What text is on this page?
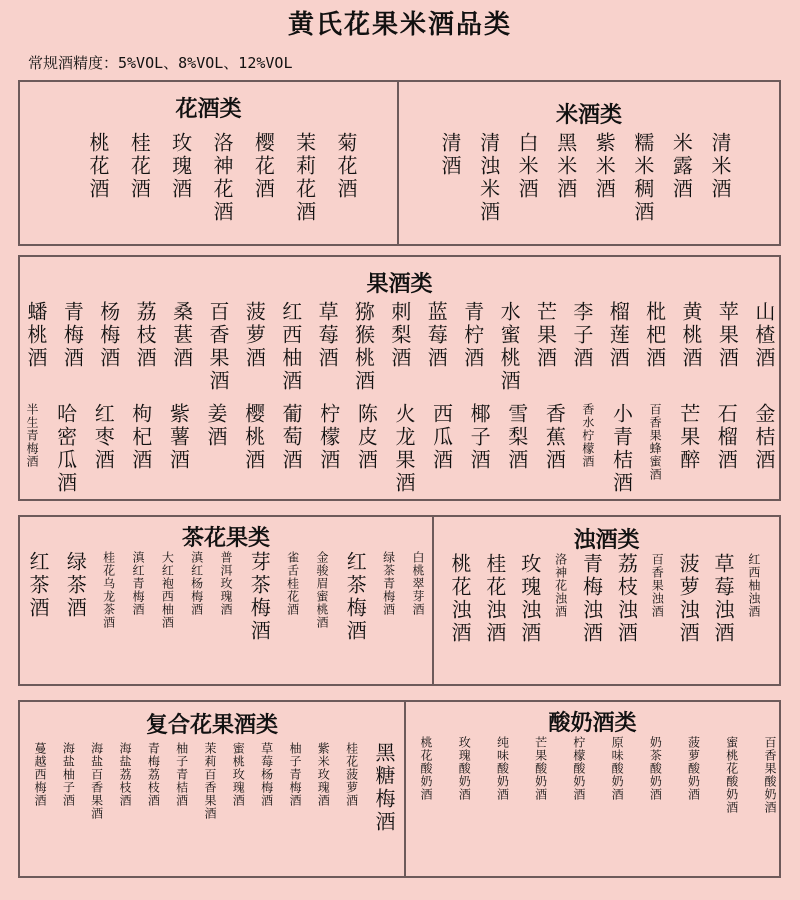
黄氏花果米酒品类
常规酒精度：5%VOL、8%VOL、12%VOL
花酒类
桃花酒 桂花酒 玫瑰酒 洛神花酒 樱花酒 茉莉花酒 菊花酒
米酒类
清酒 清浊米酒 白米酒 黑米酒 紫米酒 糯米稠酒 米露酒 清米酒
果酒类
蟠桃酒 青梅酒 杨梅酒 荔枝酒 桑葚酒 百香果酒 菠萝酒 红西柚酒 草莓酒 猕猴桃酒 刺梨酒 蓝莓酒 青柠酒 水蜜桃酒 芒果酒 李子酒 榴莲酒 枇杷酒 黄桃酒 苹果酒 山楂酒
半生青梅酒 哈密瓜酒 红枣酒 枸杞酒 紫薯酒 姜酒 樱桃酒 葡萄酒 柠檬酒 陈皮酒 火龙果酒 西瓜酒 椰子酒 雪梨酒 香蕉酒 香水柠檬酒 小青桔酒 百香果蜂蜜酒 芒果醉 石榴酒 金桔酒
茶花果类
红茶酒 绿茶酒 桂花乌龙茶酒 滇红青梅酒 大红袍西柚酒 滇红杨梅酒 普洱玫瑰酒 芽茶梅酒 雀舌桂花酒 金骏眉蜜桃酒 红茶梅酒 绿茶青梅酒 白桃翠芽酒
浊酒类
桃花浊酒 桂花浊酒 玫瑰浊酒 洛神花浊酒 青梅浊酒 荔枝浊酒 百香果浊酒 菠萝浊酒 草莓浊酒 红西柚浊酒
复合花果酒类
蔓越西梅酒 海盐柚子酒 海盐百香果酒 海盐荔枝酒 青梅荔枝酒 柚子青桔酒 茉莉百香果酒 蜜桃玫瑰酒 草莓杨梅酒 柚子青梅酒 紫米玫瑰酒 桂花菠萝酒 黑糖梅酒
酸奶酒类
桃花酸奶酒 玫瑰酸奶酒 纯味酸奶酒 芒果酸奶酒 柠檬酸奶酒 原味酸奶酒 奶茶酸奶酒 菠萝酸奶酒 蜜桃花酸奶酒 百香果酸奶酒
